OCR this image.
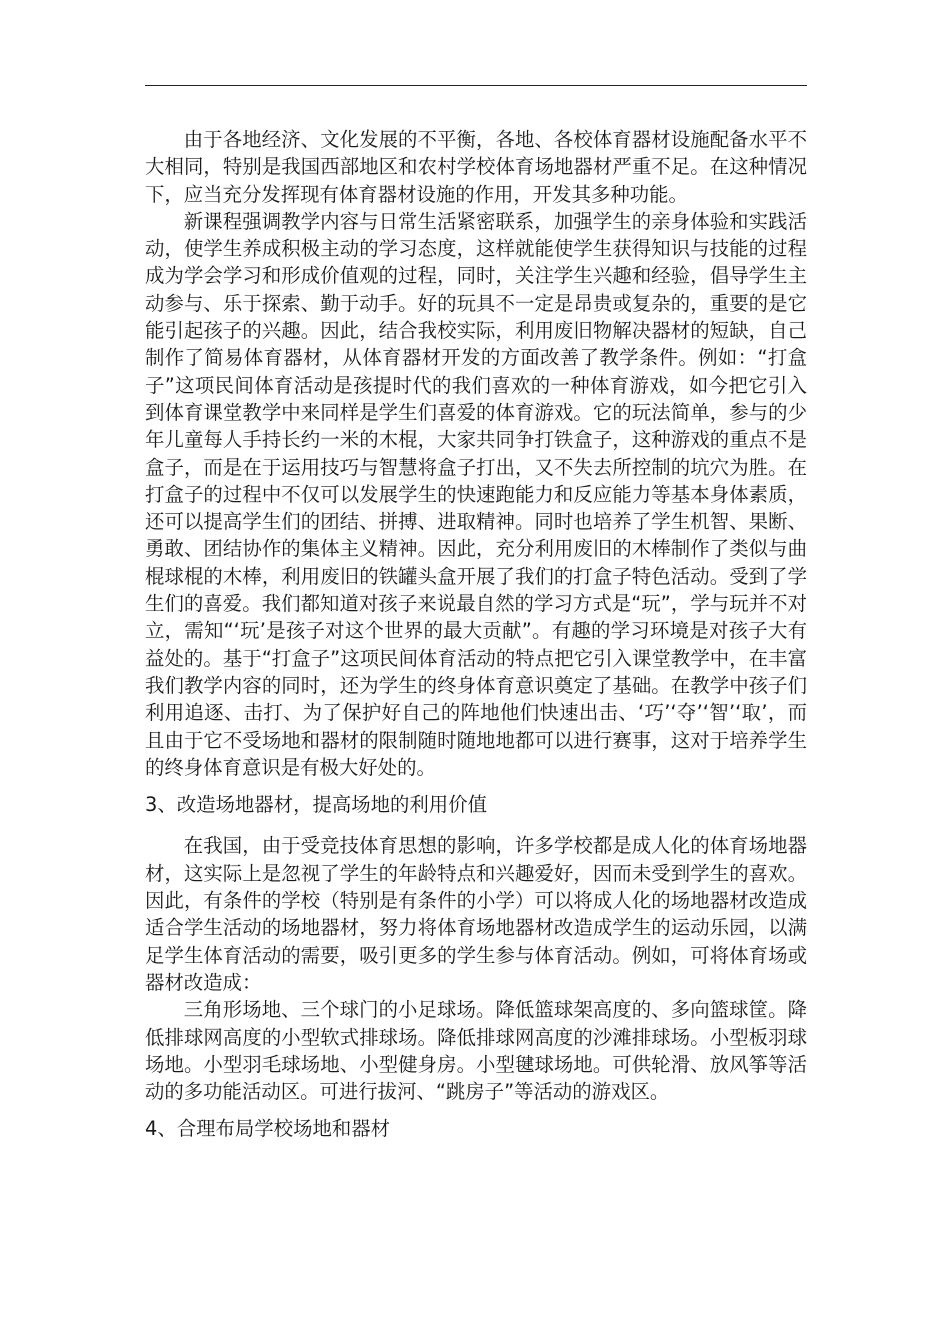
由于各地经济、文化发展的不平衡，各地、各校体育器材设施配备水平不大相同，特别是我国西部地区和农村学校体育场地器材严重不足。在这种情况下，应当充分发挥现有体育器材设施的作用，开发其多种功能。

新课程强调教学内容与日常生活紧密联系，加强学生的亲身体验和实践活动，使学生养成积极主动的学习态度，这样就能使学生获得知识与技能的过程成为学会学习和形成价值观的过程，同时，关注学生兴趣和经验，倡导学生主动参与、乐于探索、勤于动手。好的玩具不一定是昂贵或复杂的，重要的是它能引起孩子的兴趣。因此，结合我校实际，利用废旧物解决器材的短缺，自己制作了简易体育器材，从体育器材开发的方面改善了教学条件。例如：“打盒子”这项民间体育活动是孩提时代的我们喜欢的一种体育游戏，如今把它引入到体育课堂教学中来同样是学生们喜爱的体育游戏。它的玩法简单，参与的少年儿童每人手持长约一米的木棍，大家共同争打铁盒子，这种游戏的重点不是盒子，而是在于运用技巧与智慧将盒子打出，又不失去所控制的坑穴为胜。在打盒子的过程中不仅可以发展学生的快速跑能力和反应能力等基本身体素质，还可以提高学生们的团结、拼搏、进取精神。同时也培养了学生机智、果断、勇敢、团结协作的集体主义精神。因此，充分利用废旧的木棒制作了类似与曲棍球棍的木棒，利用废旧的铁罐头盒开展了我们的打盒子特色活动。受到了学生们的喜爱。我们都知道对孩子来说最自然的学习方式是“玩”，学与玩并不对立，需知“‘玩’是孩子对这个世界的最大贡献”。有趣的学习环境是对孩子大有益处的。基于“打盒子”这项民间体育活动的特点把它引入课堂教学中，在丰富我们教学内容的同时，还为学生的终身体育意识奠定了基础。在教学中孩子们利用追逐、击打、为了保护好自己的阵地他们快速出击、‘巧’‘夺’‘智’‘取’，而且由于它不受场地和器材的限制随时随地地都可以进行赛事，这对于培养学生的终身体育意识是有极大好处的。

3、改造场地器材，提高场地的利用价值

在我国，由于受竞技体育思想的影响，许多学校都是成人化的体育场地器材，这实际上是忽视了学生的年龄特点和兴趣爱好，因而未受到学生的喜欢。因此，有条件的学校（特别是有条件的小学）可以将成人化的场地器材改造成适合学生活动的场地器材，努力将体育场地器材改造成学生的运动乐园，以满足学生体育活动的需要，吸引更多的学生参与体育活动。例如，可将体育场或器材改造成：

三角形场地、三个球门的小足球场。降低篮球架高度的、多向篮球筐。降低排球网高度的小型软式排球场。降低排球网高度的沙滩排球场。小型板羽球场地。小型羽毛球场地、小型健身房。小型毽球场地。可供轮滑、放风筝等活动的多功能活动区。可进行拔河、“跳房子”等活动的游戏区。

4、合理布局学校场地和器材
